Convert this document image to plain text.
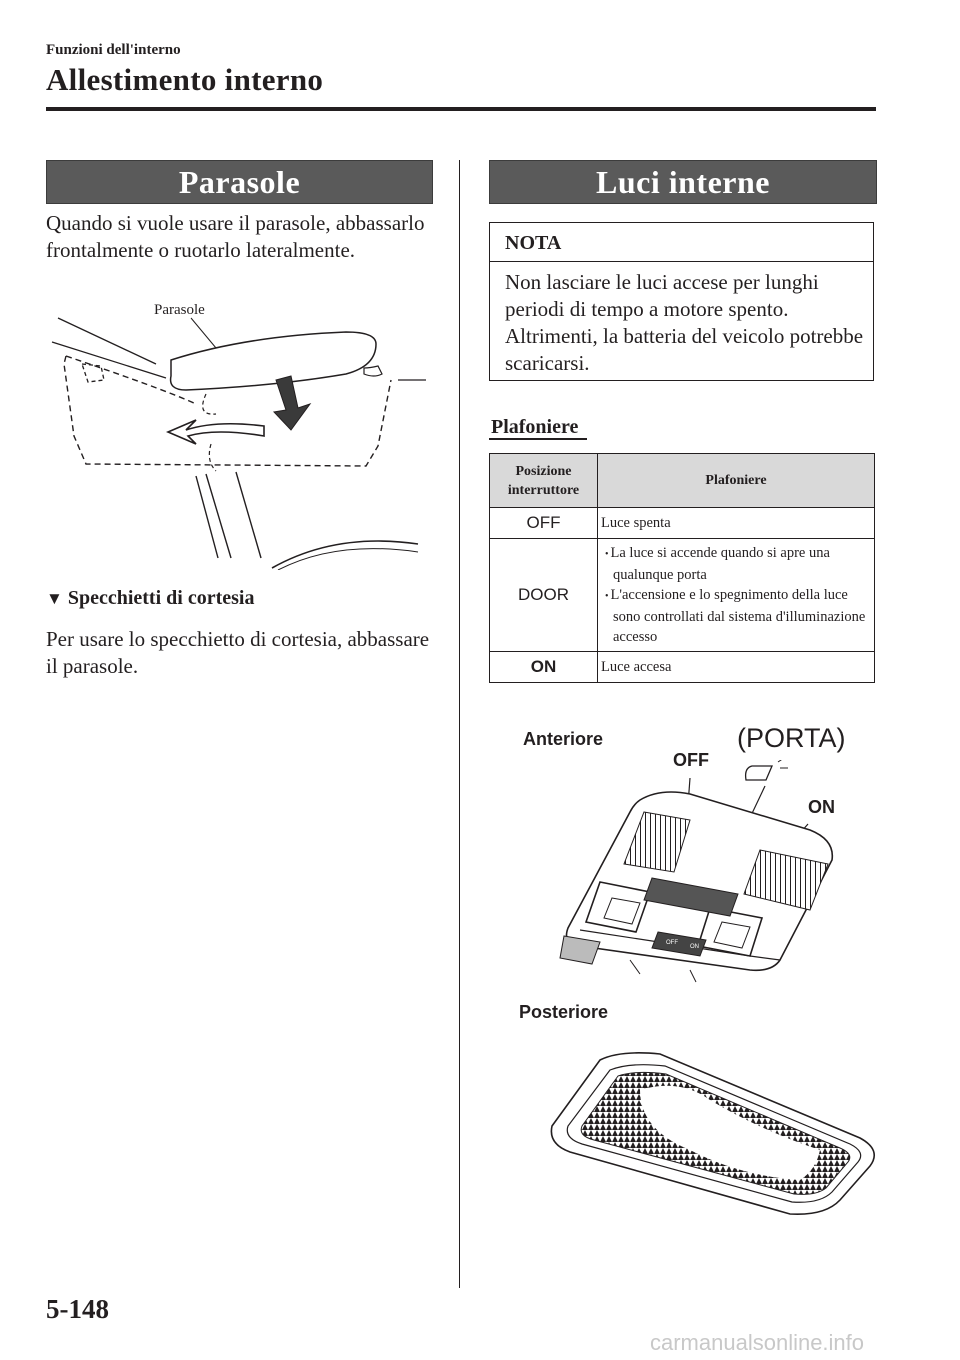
Funzioni dell'interno
Allestimento interno
Parasole
Quando si vuole usare il parasole, abbassarlo frontalmente o ruotarlo lateralmente.
Parasole
▼ Specchietti di cortesia
Per usare lo specchietto di cortesia, abbassare il parasole.
Luci interne
NOTA
Non lasciare le luci accese per lunghi periodi di tempo a motore spento. Altrimenti, la batteria del veicolo potrebbe scaricarsi.
Plafoniere
Posizione
interruttore	Plafoniere
OFF	Luce spenta
DOOR	• La luce si accende quando si apre una qualunque porta
• L'accensione e lo spegnimento della luce sono controllati dal sistema d'illuminazione accesso

ON	Luce accesa
Anteriore	(PORTA)
OFF
ON
OFF
ON
Posteriore
5-148
carmanualsonline.info
